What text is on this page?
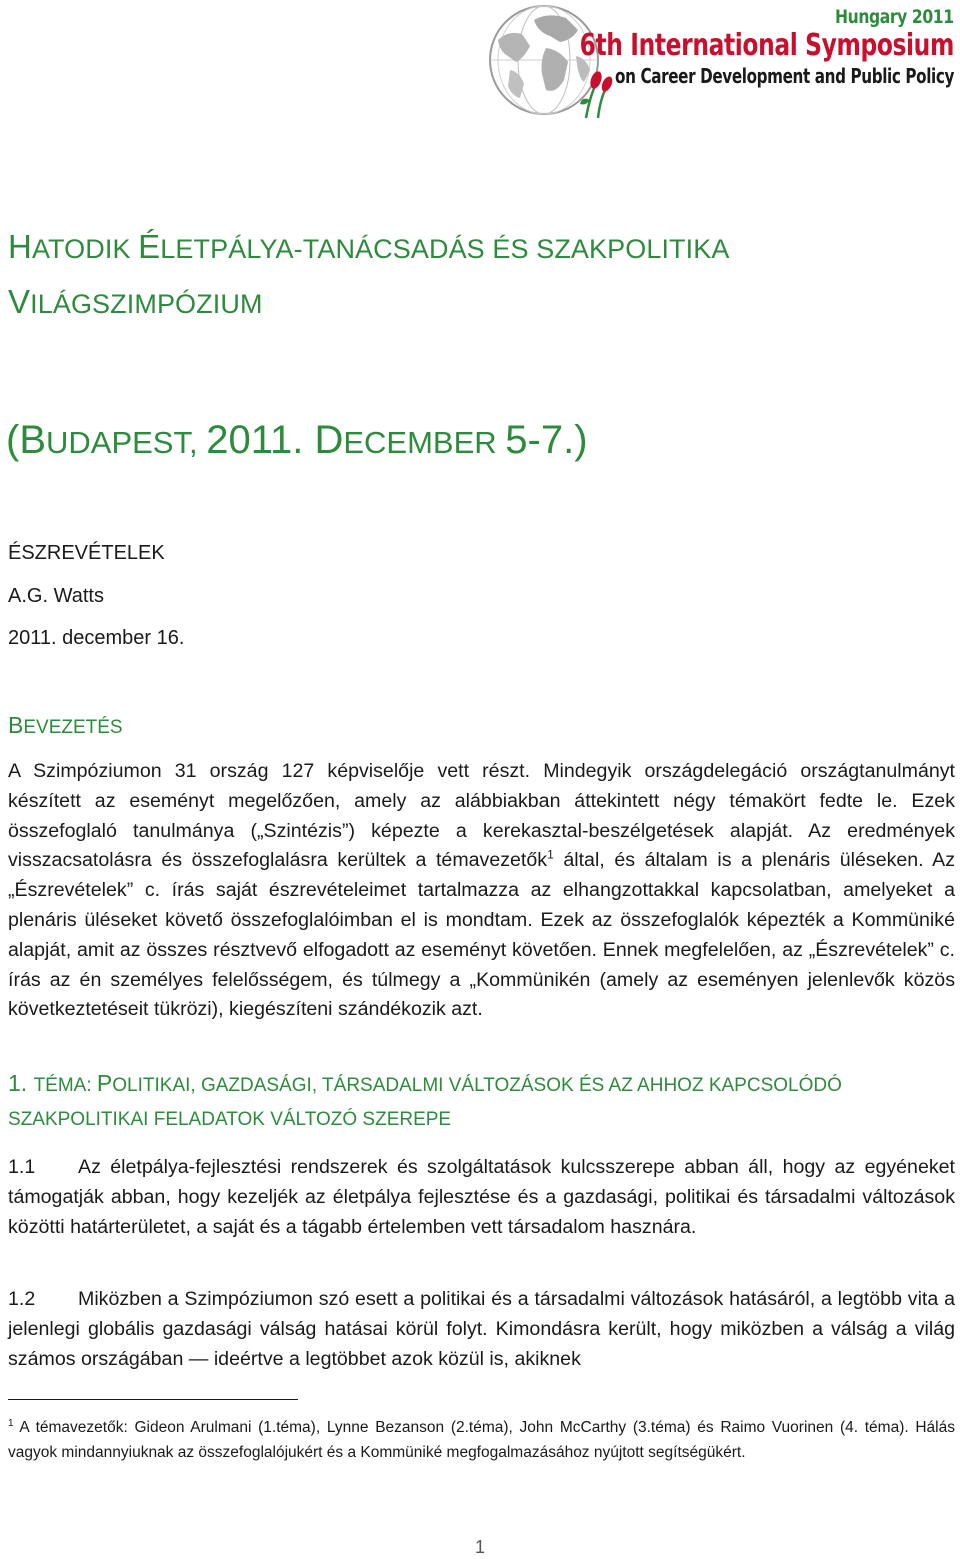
Hungary 2011
6th International Symposium
on Career Development and Public Policy
HATODIK ÉLETPÁLYA-TANÁCSADÁS ÉS SZAKPOLITIKA
VILÁGSZIMPÓZIUM
(BUDAPEST, 2011. DECEMBER 5-7.)
ÉSZREVÉTELEK
A.G. Watts
2011. december 16.
BEVEZETÉS
A Szimpóziumon 31 ország 127 képviselője vett részt. Mindegyik országdelegáció országtanulmányt készített az eseményt megelőzően, amely az alábbiakban áttekintett négy témakört fedte le. Ezek összefoglaló tanulmánya („Szintézis”) képezte a kerekasztal-beszélgetések alapját. Az eredmények visszacsatolásra és összefoglalásra kerültek a témavezetők$^1$ által, és általam is a plenáris üléseken. Az „Észrevételek” c. írás saját észrevételeimet tartalmazza az elhangzottakkal kapcsolatban, amelyeket a plenáris üléseket követő összefoglalóimban el is mondtam. Ezek az összefoglalók képezték a Kommüniké alapját, amit az összes résztvevő elfogadott az eseményt követően. Ennek megfelelően, az „Észrevételek” c. írás az én személyes felelősségem, és túlmegy a „Kommünikén (amely az eseményen jelenlevők közös következtetéseit tükrözi), kiegészíteni szándékozik azt.
1. TÉMA: POLITIKAI, GAZDASÁGI, TÁRSADALMI VÁLTOZÁSOK ÉS AZ AHHOZ KAPCSOLÓDÓ
SZAKPOLITIKAI FELADATOK VÁLTOZÓ SZEREPE
1.1 Az életpálya-fejlesztési rendszerek és szolgáltatások kulcsszerepe abban áll, hogy az egyéneket támogatják abban, hogy kezeljék az életpálya fejlesztése és a gazdasági, politikai és társadalmi változások közötti határterületet, a saját és a tágabb értelemben vett társadalom hasznára.
1.2 Miközben a Szimpóziumon szó esett a politikai és a társadalmi változások hatásáról, a legtöbb vita a jelenlegi globális gazdasági válság hatásai körül folyt. Kimondásra került, hogy miközben a válság a világ számos országában ― ideértve a legtöbbet azok közül is, akiknek
$^1$ A témavezetők: Gideon Arulmani (1.téma), Lynne Bezanson (2.téma), John McCarthy (3.téma) és Raimo Vuorinen (4. téma). Hálás vagyok mindannyiuknak az összefoglalójukért és a Kommüniké megfogalmazásához nyújtott segítségükért.
1
